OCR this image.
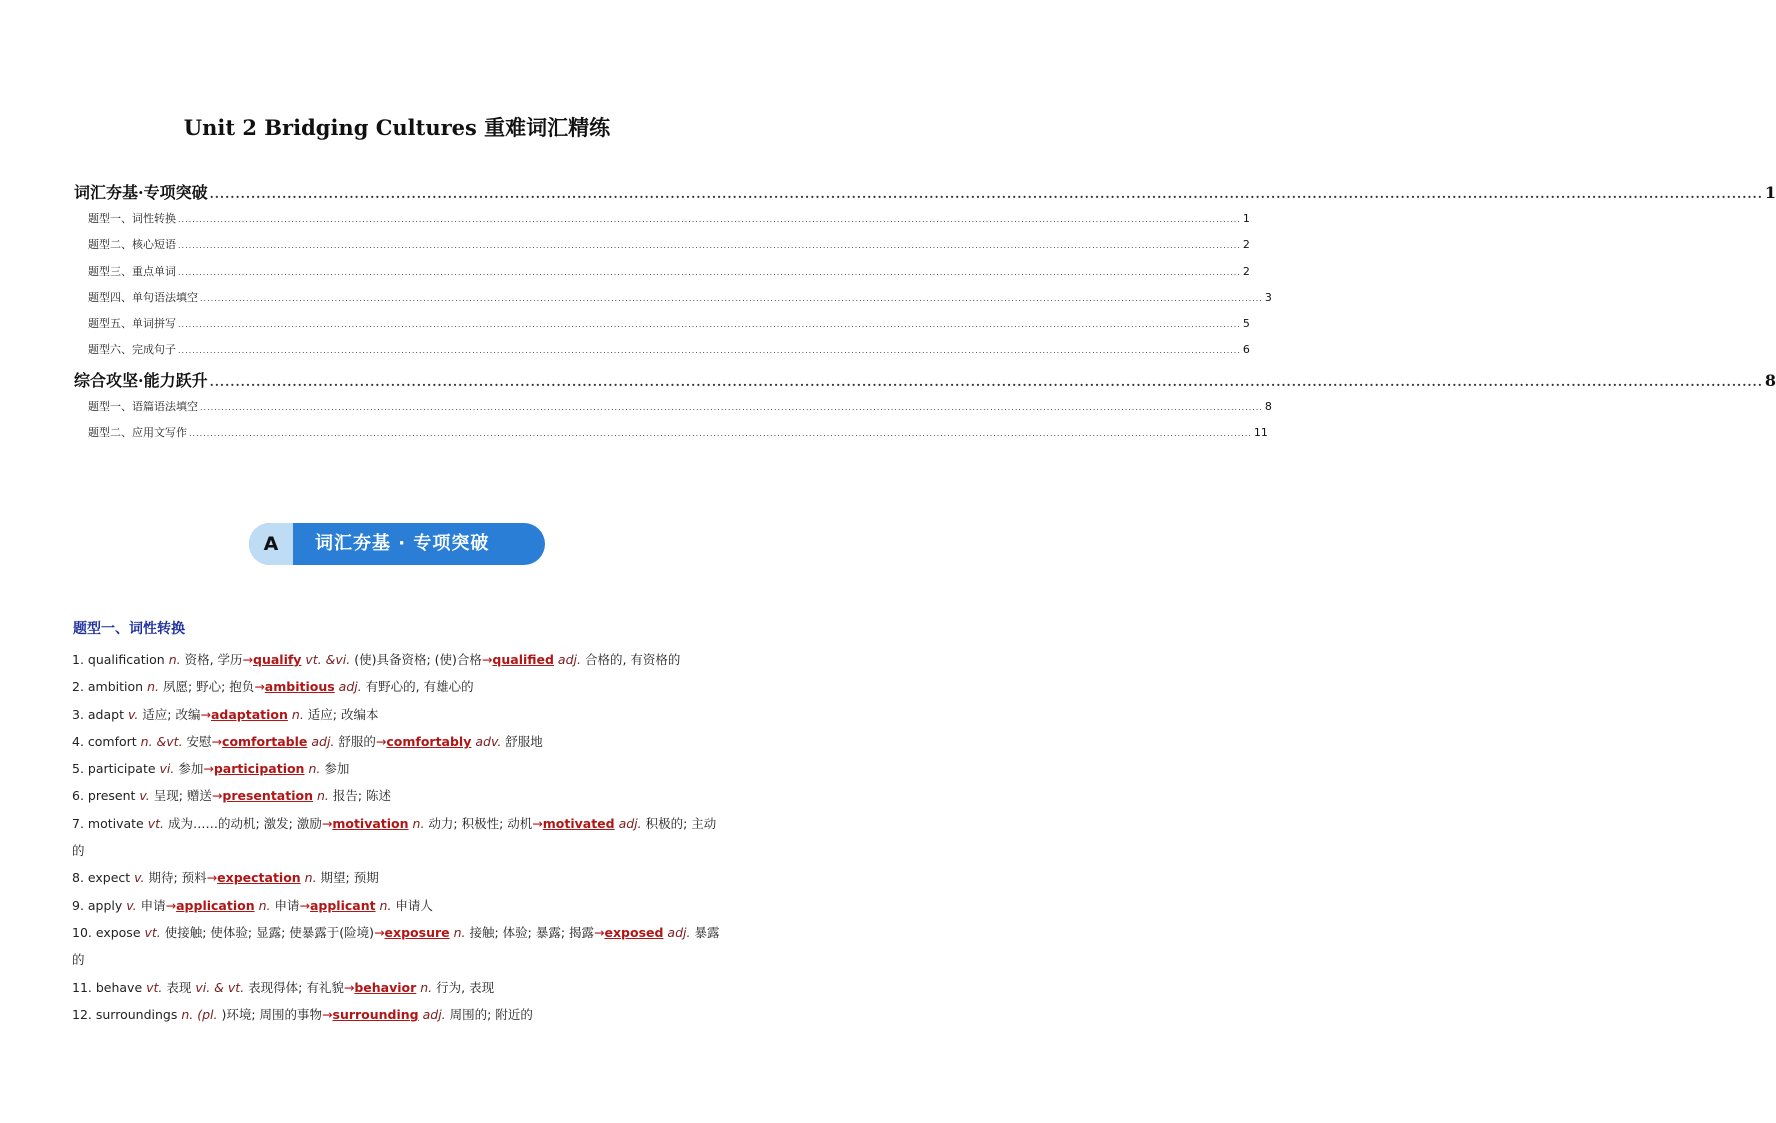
Unit 2 Bridging Cultures 重难词汇精练
词汇夯基·专项突破 ............................................................................................................................................................................................................................................................................................................ 1
题型一、词性转换 ............................................................................................................................................................................................................................................................................................................ 1
题型二、核心短语 ............................................................................................................................................................................................................................................................................................................ 2
题型三、重点单词 ............................................................................................................................................................................................................................................................................................................ 2
题型四、单句语法填空 ............................................................................................................................................................................................................................................................................................................ 3
题型五、单词拼写 ............................................................................................................................................................................................................................................................................................................ 5
题型六、完成句子 ............................................................................................................................................................................................................................................................................................................ 6
综合攻坚·能力跃升 ............................................................................................................................................................................................................................................................................................................ 8
题型一、语篇语法填空 ............................................................................................................................................................................................................................................................................................................ 8
题型二、应用文写作 ............................................................................................................................................................................................................................................................................................................ 11
A	词汇夯基 · 专项突破
题型一、词性转换
1. qualification n. 资格, 学历→qualify vt. &vi. (使)具备资格; (使)合格→qualified adj. 合格的, 有资格的
2. ambition n. 夙愿; 野心; 抱负→ambitious adj. 有野心的, 有雄心的
3. adapt v. 适应; 改编→adaptation n. 适应; 改编本
4. comfort n. &vt. 安慰→comfortable adj. 舒服的→comfortably adv. 舒服地
5. participate vi. 参加→participation n. 参加
6. present v. 呈现; 赠送→presentation n. 报告; 陈述
7. motivate vt. 成为……的动机; 激发; 激励→motivation n. 动力; 积极性; 动机→motivated adj. 积极的; 主动的
8. expect v. 期待; 预料→expectation n. 期望; 预期
9. apply v. 申请→application n. 申请→applicant n. 申请人
10. expose vt. 使接触; 使体验; 显露; 使暴露于(险境)→exposure n. 接触; 体验; 暴露; 揭露→exposed adj. 暴露的
11. behave vt. 表现 vi. & vt. 表现得体; 有礼貌→behavior n. 行为, 表现
12. surroundings n. (pl. )环境; 周围的事物→surrounding adj. 周围的; 附近的
